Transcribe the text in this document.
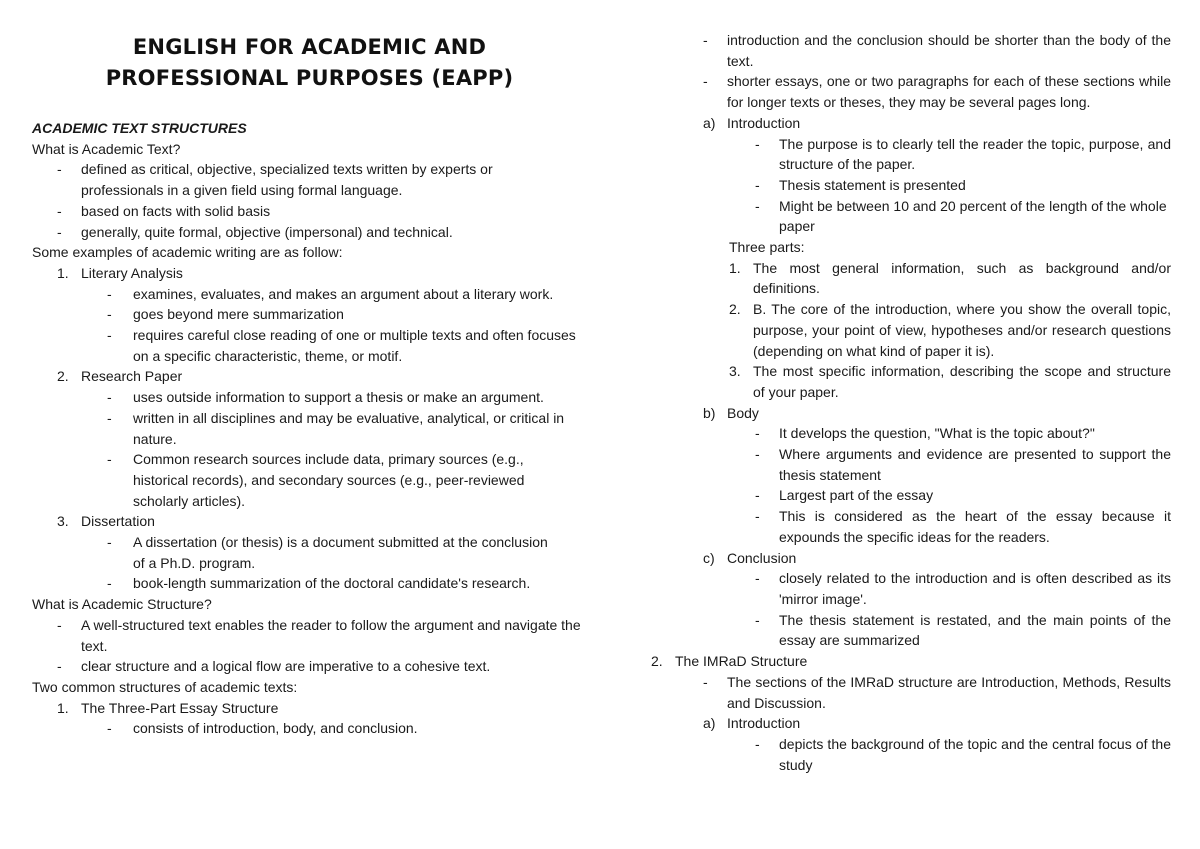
ENGLISH FOR ACADEMIC AND
PROFESSIONAL PURPOSES (EAPP)
ACADEMIC TEXT STRUCTURES
What is Academic Text?
-	defined as critical, objective, specialized texts written by experts or professionals in a given field using formal language.
-	based on facts with solid basis
-	generally, quite formal, objective (impersonal) and technical.
Some examples of academic writing are as follow:
1. Literary Analysis
-	examines, evaluates, and makes an argument about a literary work.
-	goes beyond mere summarization
-	requires careful close reading of one or multiple texts and often focuses on a specific characteristic, theme, or motif.
2. Research Paper
-	uses outside information to support a thesis or make an argument.
-	written in all disciplines and may be evaluative, analytical, or critical in nature.
-	Common research sources include data, primary sources (e.g., historical records), and secondary sources (e.g., peer-reviewed scholarly articles).
3. Dissertation
-	A dissertation (or thesis) is a document submitted at the conclusion of a Ph.D. program.
-	book-length summarization of the doctoral candidate's research.
What is Academic Structure?
-	A well-structured text enables the reader to follow the argument and navigate the text.
-	clear structure and a logical flow are imperative to a cohesive text.
Two common structures of academic texts:
1. The Three-Part Essay Structure
-	consists of introduction, body, and conclusion.
-	introduction and the conclusion should be shorter than the body of the text.
-	shorter essays, one or two paragraphs for each of these sections while for longer texts or theses, they may be several pages long.
a) Introduction
-	The purpose is to clearly tell the reader the topic, purpose, and structure of the paper.
-	Thesis statement is presented
-	Might be between 10 and 20 percent of the length of the whole paper
Three parts:
1. The most general information, such as background and/or definitions.
2. B. The core of the introduction, where you show the overall topic, purpose, your point of view, hypotheses and/or research questions (depending on what kind of paper it is).
3. The most specific information, describing the scope and structure of your paper.
b) Body
-	It develops the question, "What is the topic about?"
-	Where arguments and evidence are presented to support the thesis statement
-	Largest part of the essay
-	This is considered as the heart of the essay because it expounds the specific ideas for the readers.
c) Conclusion
-	closely related to the introduction and is often described as its 'mirror image'.
-	The thesis statement is restated, and the main points of the essay are summarized
2. The IMRaD Structure
-	The sections of the IMRaD structure are Introduction, Methods, Results and Discussion.
a) Introduction
-	depicts the background of the topic and the central focus of the study
